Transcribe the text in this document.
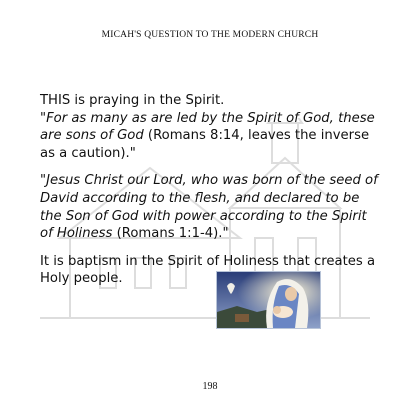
MICAH'S QUESTION TO THE MODERN CHURCH

THIS is praying in the Spirit.
"For as many as are led by the Spirit of God, these are sons of God (Romans 8:14, leaves the inverse as a caution)."

"Jesus Christ our Lord, who was born of the seed of David according to the flesh, and declared to be the Son of God with power according to the Spirit of Holiness (Romans 1:1-4)."

It is baptism in the Spirit of Holiness that creates a Holy people.

198
